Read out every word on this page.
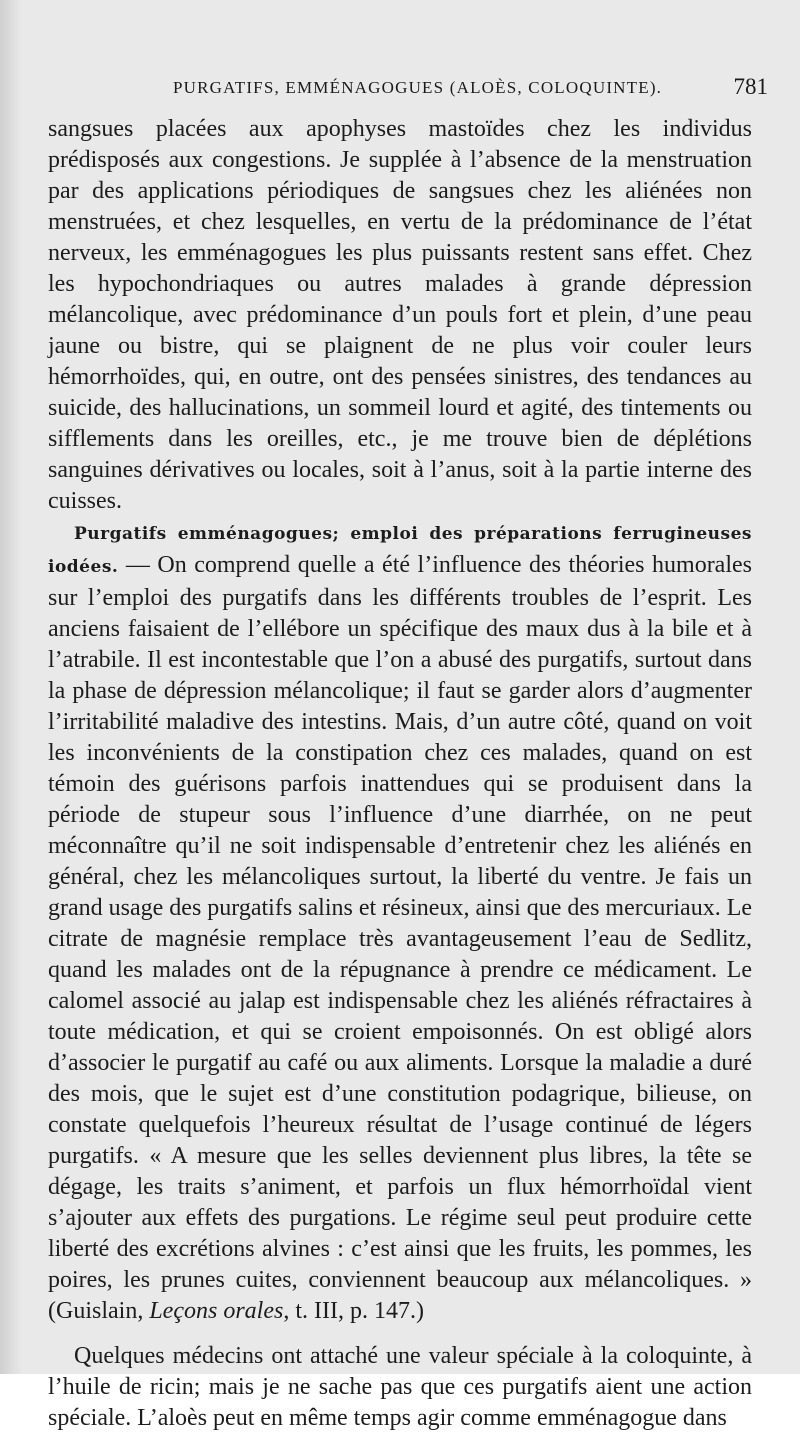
PURGATIFS, EMMÉNAGOGUES (ALOÈS, COLOQUINTE).	781

sangsues placées aux apophyses mastoïdes chez les individus prédisposés aux congestions. Je supplée à l’absence de la menstruation par des applications périodiques de sangsues chez les aliénées non menstruées, et chez lesquelles, en vertu de la prédominance de l’état nerveux, les emménagogues les plus puissants restent sans effet. Chez les hypochondriaques ou autres malades à grande dépression mélancolique, avec prédominance d’un pouls fort et plein, d’une peau jaune ou bistre, qui se plaignent de ne plus voir couler leurs hémorrhoïdes, qui, en outre, ont des pensées sinistres, des tendances au suicide, des hallucinations, un sommeil lourd et agité, des tintements ou sifflements dans les oreilles, etc., je me trouve bien de déplétions sanguines dérivatives ou locales, soit à l’anus, soit à la partie interne des cuisses.

Purgatifs emménagogues; emploi des préparations ferrugineuses iodées. — On comprend quelle a été l’influence des théories humorales sur l’emploi des purgatifs dans les différents troubles de l’esprit. Les anciens faisaient de l’ellébore un spécifique des maux dus à la bile et à l’atrabile. Il est incontestable que l’on a abusé des purgatifs, surtout dans la phase de dépression mélancolique; il faut se garder alors d’augmenter l’irritabilité maladive des intestins. Mais, d’un autre côté, quand on voit les inconvénients de la constipation chez ces malades, quand on est témoin des guérisons parfois inattendues qui se produisent dans la période de stupeur sous l’influence d’une diarrhée, on ne peut méconnaître qu’il ne soit indispensable d’entretenir chez les aliénés en général, chez les mélancoliques surtout, la liberté du ventre. Je fais un grand usage des purgatifs salins et résineux, ainsi que des mercuriaux. Le citrate de magnésie remplace très avantageusement l’eau de Sedlitz, quand les malades ont de la répugnance à prendre ce médicament. Le calomel associé au jalap est indispensable chez les aliénés réfractaires à toute médication, et qui se croient empoisonnés. On est obligé alors d’associer le purgatif au café ou aux aliments. Lorsque la maladie a duré des mois, que le sujet est d’une constitution podagrique, bilieuse, on constate quelquefois l’heureux résultat de l’usage continué de légers purgatifs. « A mesure que les selles deviennent plus libres, la tête se dégage, les traits s’animent, et parfois un flux hémorrhoïdal vient s’ajouter aux effets des purgations. Le régime seul peut produire cette liberté des excrétions alvines : c’est ainsi que les fruits, les pommes, les poires, les prunes cuites, conviennent beaucoup aux mélancoliques. » (Guislain, Leçons orales, t. III, p. 147.)

Quelques médecins ont attaché une valeur spéciale à la coloquinte, à l’huile de ricin; mais je ne sache pas que ces purgatifs aient une action spéciale. L’aloès peut en même temps agir comme emménagogue dans
